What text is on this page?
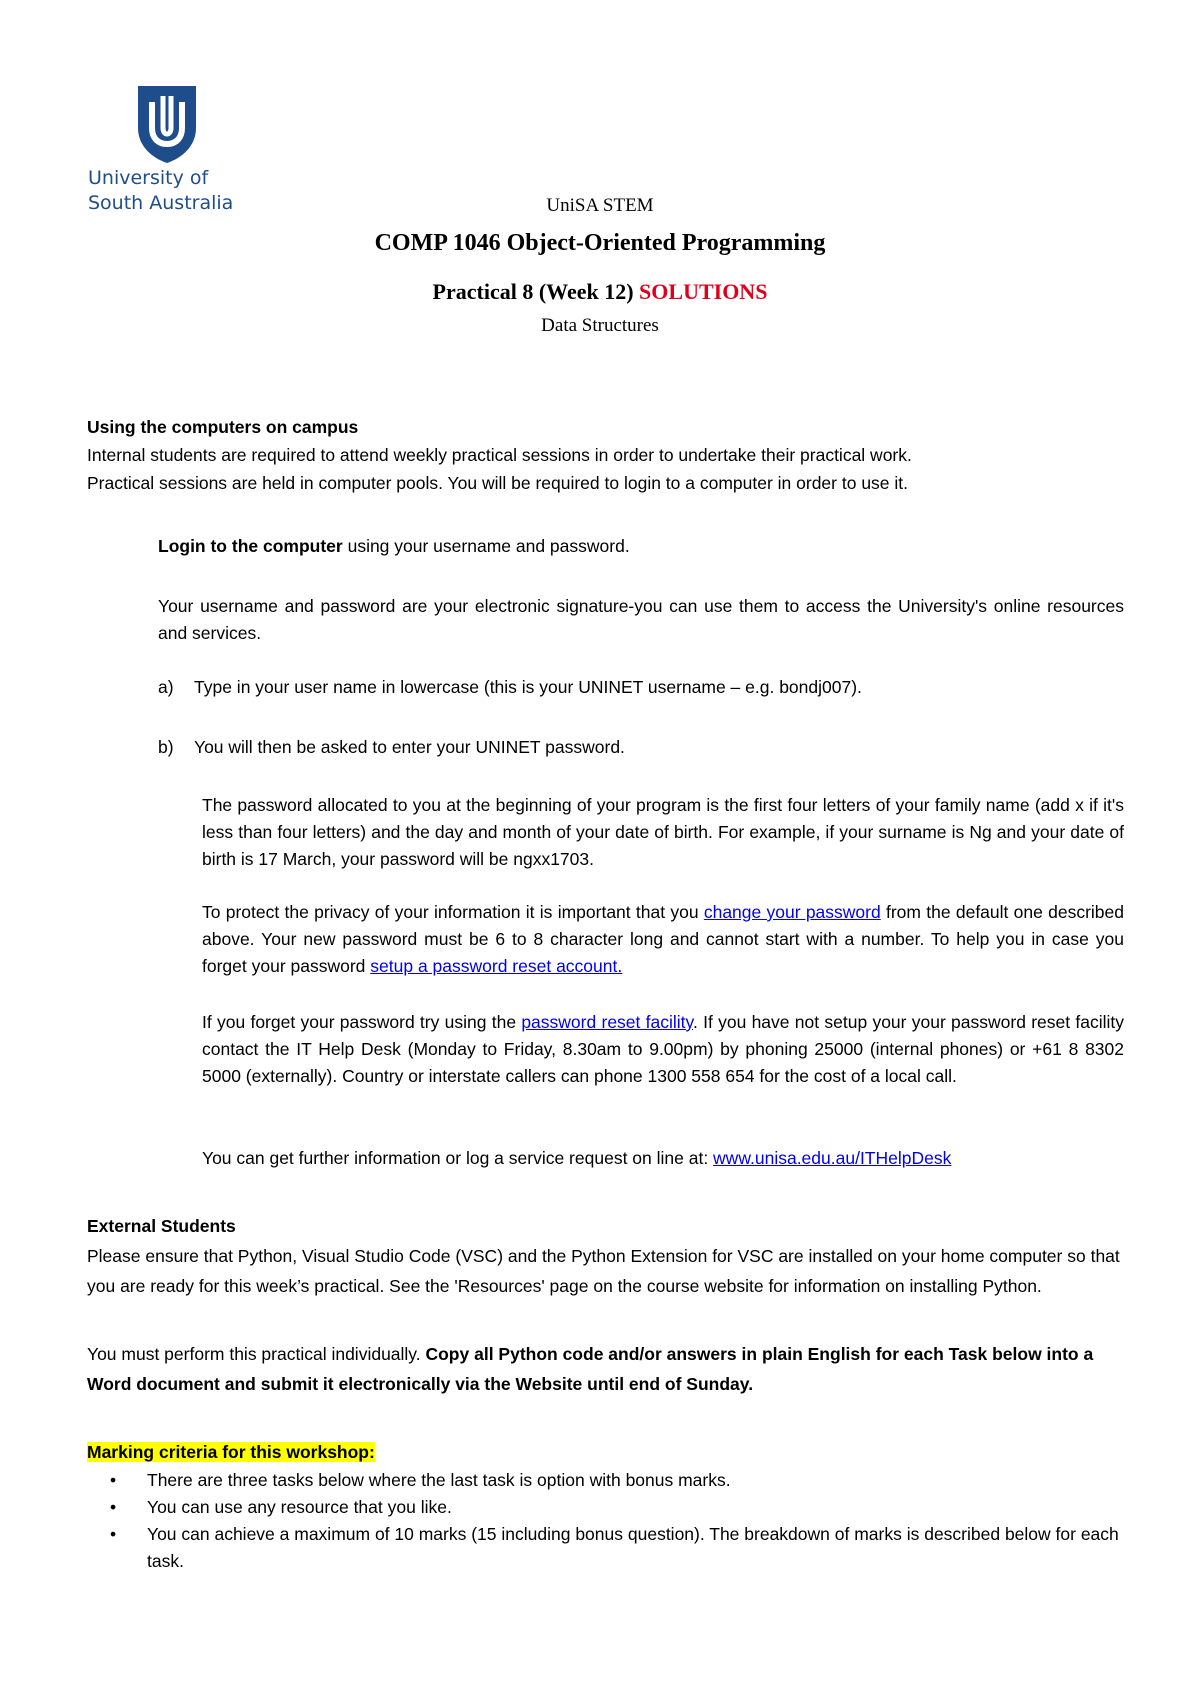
University of
South Australia	UniSA STEM
COMP 1046 Object-Oriented Programming
Practical 8 (Week 12) SOLUTIONS
Data Structures
Using the computers on campus
Internal students are required to attend weekly practical sessions in order to undertake their practical work.
Practical sessions are held in computer pools. You will be required to login to a computer in order to use it.
Login to the computer using your username and password.
Your username and password are your electronic signature-you can use them to access the University's online resources and services.
a) Type in your user name in lowercase (this is your UNINET username – e.g. bondj007).
b) You will then be asked to enter your UNINET password.
The password allocated to you at the beginning of your program is the first four letters of your family name (add x if it's less than four letters) and the day and month of your date of birth. For example, if your surname is Ng and your date of birth is 17 March, your password will be ngxx1703.
To protect the privacy of your information it is important that you change your password from the default one described above. Your new password must be 6 to 8 character long and cannot start with a number. To help you in case you forget your password setup a password reset account.
If you forget your password try using the password reset facility. If you have not setup your your password reset facility contact the IT Help Desk (Monday to Friday, 8.30am to 9.00pm) by phoning 25000 (internal phones) or +61 8 8302 5000 (externally). Country or interstate callers can phone 1300 558 654 for the cost of a local call.
You can get further information or log a service request on line at: www.unisa.edu.au/ITHelpDesk
External Students
Please ensure that Python, Visual Studio Code (VSC) and the Python Extension for VSC are installed on your home computer so that you are ready for this week’s practical. See the 'Resources' page on the course website for information on installing Python.
You must perform this practical individually. Copy all Python code and/or answers in plain English for each Task below into a Word document and submit it electronically via the Website until end of Sunday.
Marking criteria for this workshop:
• There are three tasks below where the last task is option with bonus marks.
• You can use any resource that you like.
• You can achieve a maximum of 10 marks (15 including bonus question). The breakdown of marks is described below for each task.
